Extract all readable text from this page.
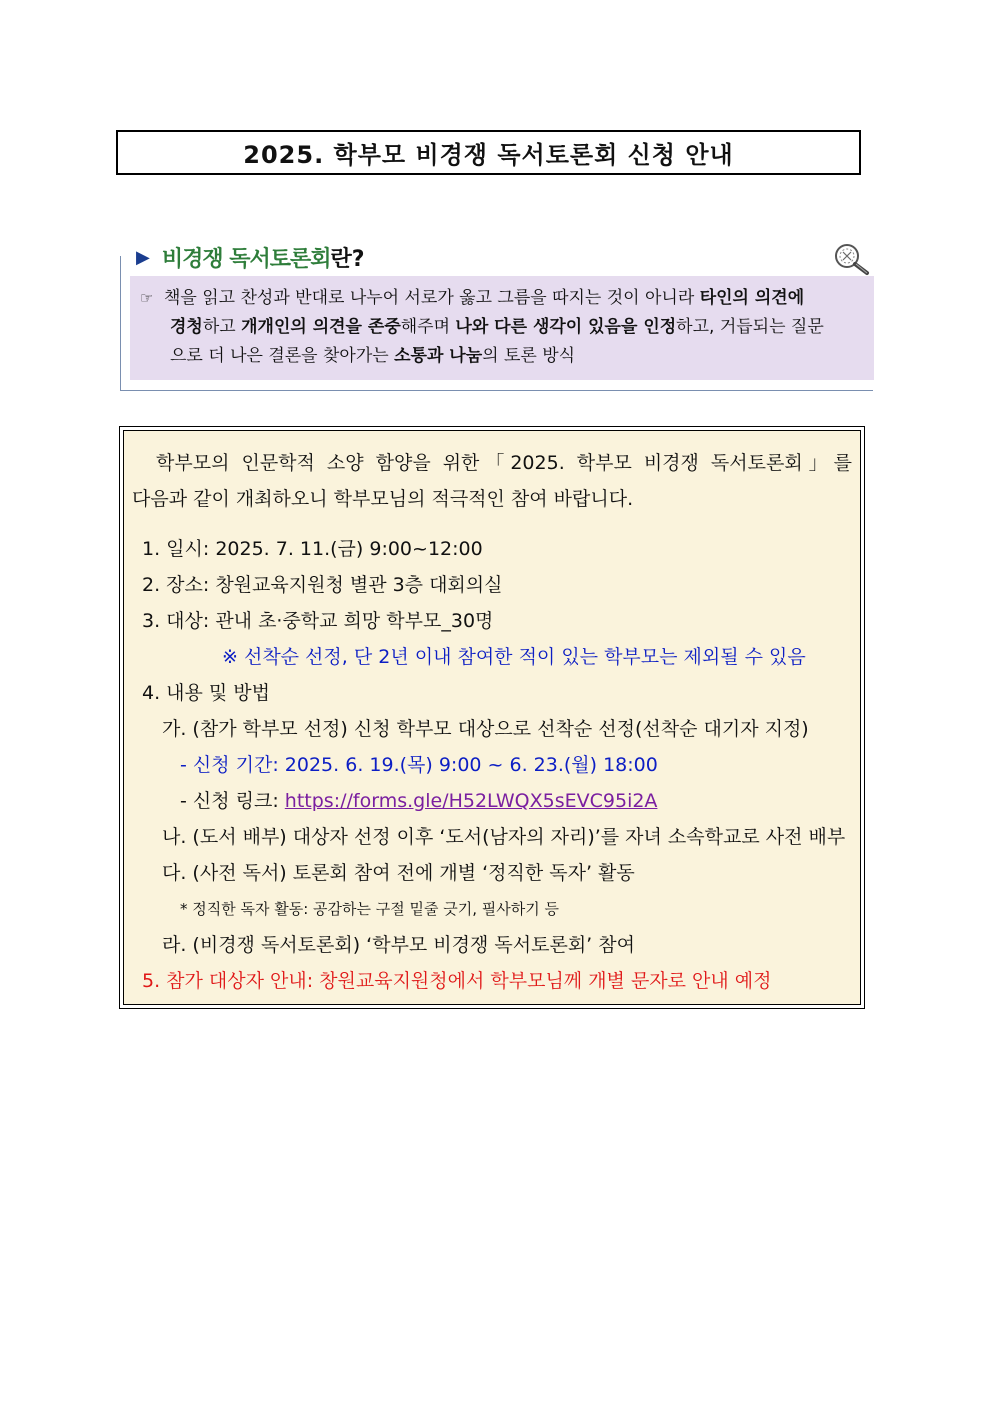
2025. 학부모 비경쟁 독서토론회 신청 안내
▶ 비경쟁 독서토론회 란?

☞ 책을 읽고 찬성과 반대로 나누어 서로가 옳고 그름을 따지는 것이 아니라 타인의 의견에

경청하고 개개인의 의견을 존중해주며 나와 다른 생각이 있음을 인정하고, 거듭되는 질문

으로 더 나은 결론을 찾아가는 소통과 나눔의 토론 방식

학부모의 인문학적 소양 함양을 위한「2025. 학부모 비경쟁 독서토론회」를
다음과 같이 개최하오니 학부모님의 적극적인 참여 바랍니다.

1. 일시: 2025. 7. 11.(금) 9:00~12:00
2. 장소: 창원교육지원청 별관 3층 대회의실
3. 대상: 관내 초·중학교 희망 학부모_30명
※ 선착순 선정, 단 2년 이내 참여한 적이 있는 학부모는 제외될 수 있음
4. 내용 및 방법
가. (참가 학부모 선정) 신청 학부모 대상으로 선착순 선정(선착순 대기자 지정)
- 신청 기간: 2025. 6. 19.(목) 9:00 ~ 6. 23.(월) 18:00
- 신청 링크: https://forms.gle/H52LWQX5sEVC95i2A
나. (도서 배부) 대상자 선정 이후 ‘도서(남자의 자리)’를 자녀 소속학교로 사전 배부
다. (사전 독서) 토론회 참여 전에 개별 ‘정직한 독자’ 활동
* 정직한 독자 활동: 공감하는 구절 밑줄 긋기, 필사하기 등
라. (비경쟁 독서토론회) ‘학부모 비경쟁 독서토론회’ 참여
5. 참가 대상자 안내: 창원교육지원청에서 학부모님께 개별 문자로 안내 예정
